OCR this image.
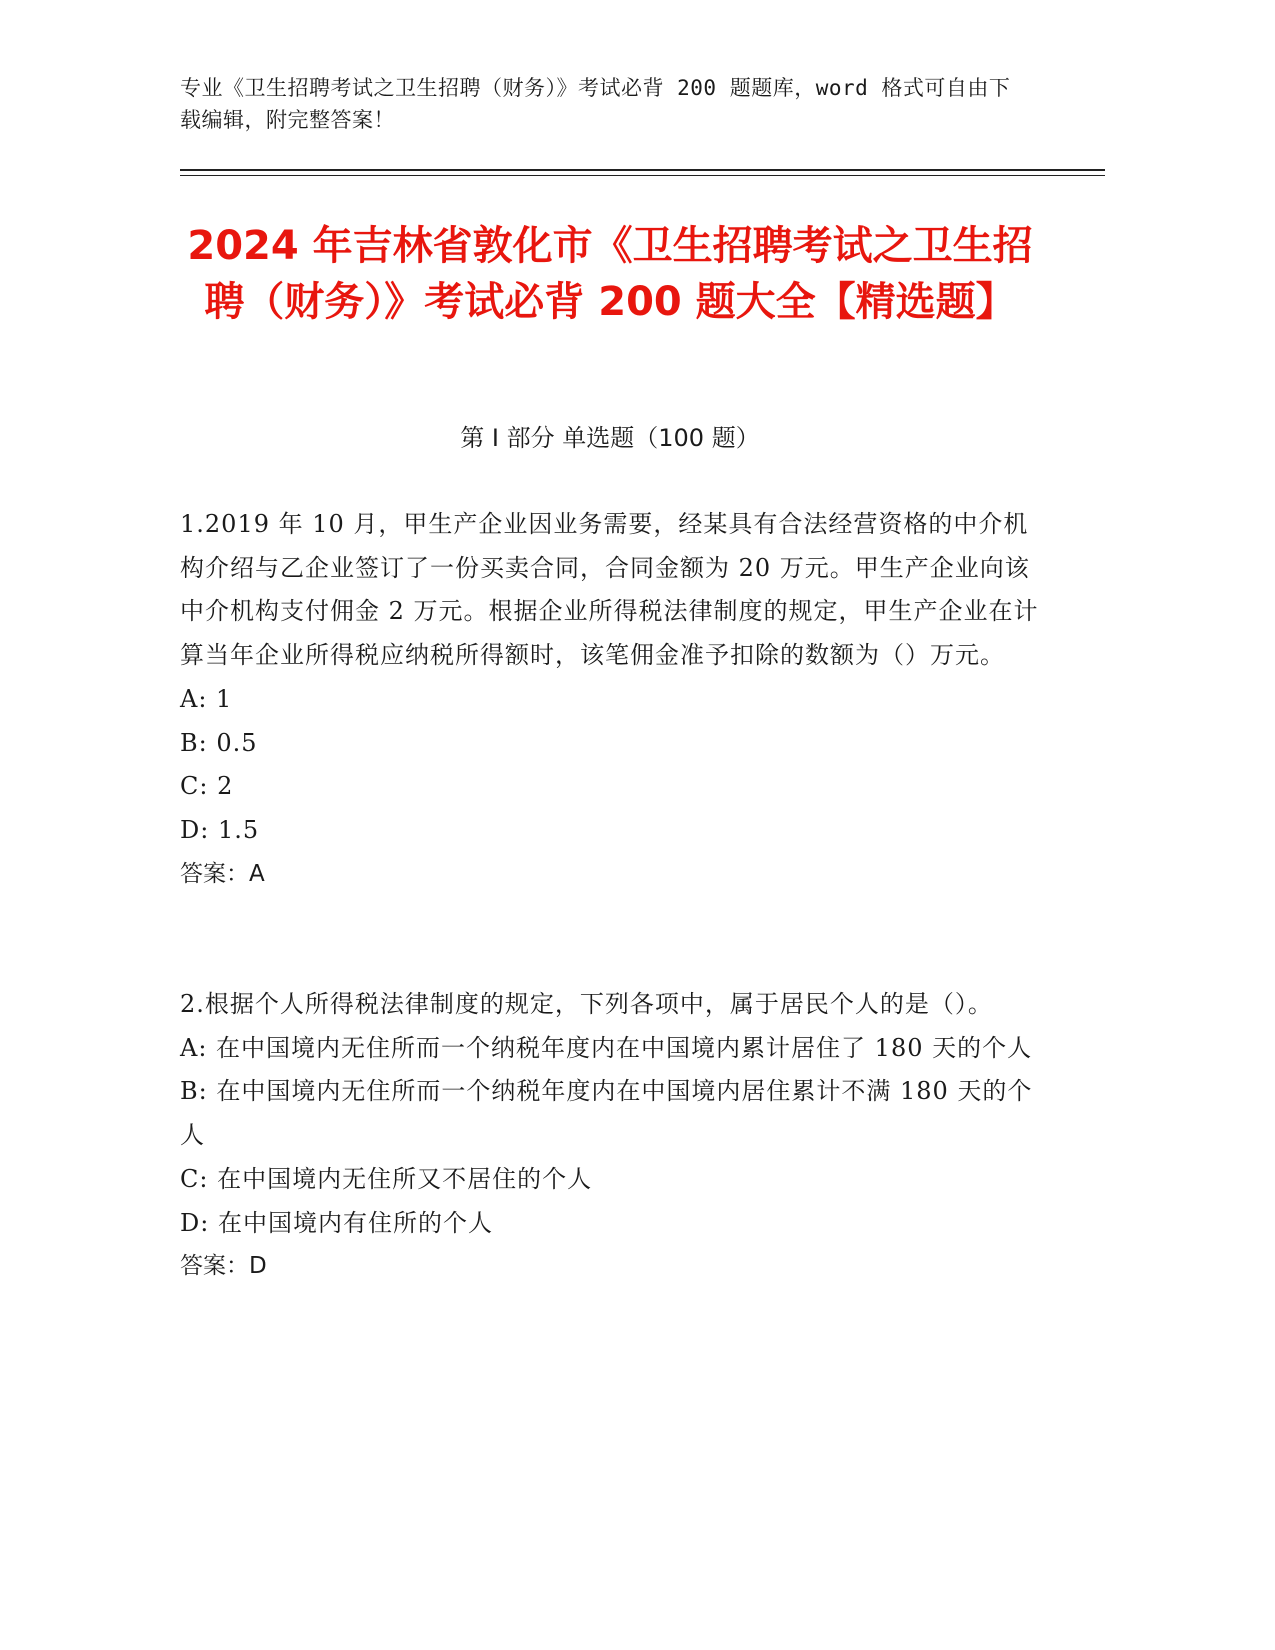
专业《卫生招聘考试之卫生招聘（财务）》考试必背 200 题题库，word 格式可自由下载编辑，附完整答案！
2024 年吉林省敦化市《卫生招聘考试之卫生招聘（财务）》考试必背 200 题大全【精选题】
第 I 部分 单选题（100 题）
1.2019 年 10 月，甲生产企业因业务需要，经某具有合法经营资格的中介机构介绍与乙企业签订了一份买卖合同，合同金额为 20 万元。甲生产企业向该中介机构支付佣金 2 万元。根据企业所得税法律制度的规定，甲生产企业在计算当年企业所得税应纳税所得额时，该笔佣金准予扣除的数额为（）万元。
A: 1
B: 0.5
C: 2
D: 1.5
答案：A
2.根据个人所得税法律制度的规定，下列各项中，属于居民个人的是（）。
A: 在中国境内无住所而一个纳税年度内在中国境内累计居住了 180 天的个人
B: 在中国境内无住所而一个纳税年度内在中国境内居住累计不满 180 天的个人
C: 在中国境内无住所又不居住的个人
D: 在中国境内有住所的个人
答案：D
